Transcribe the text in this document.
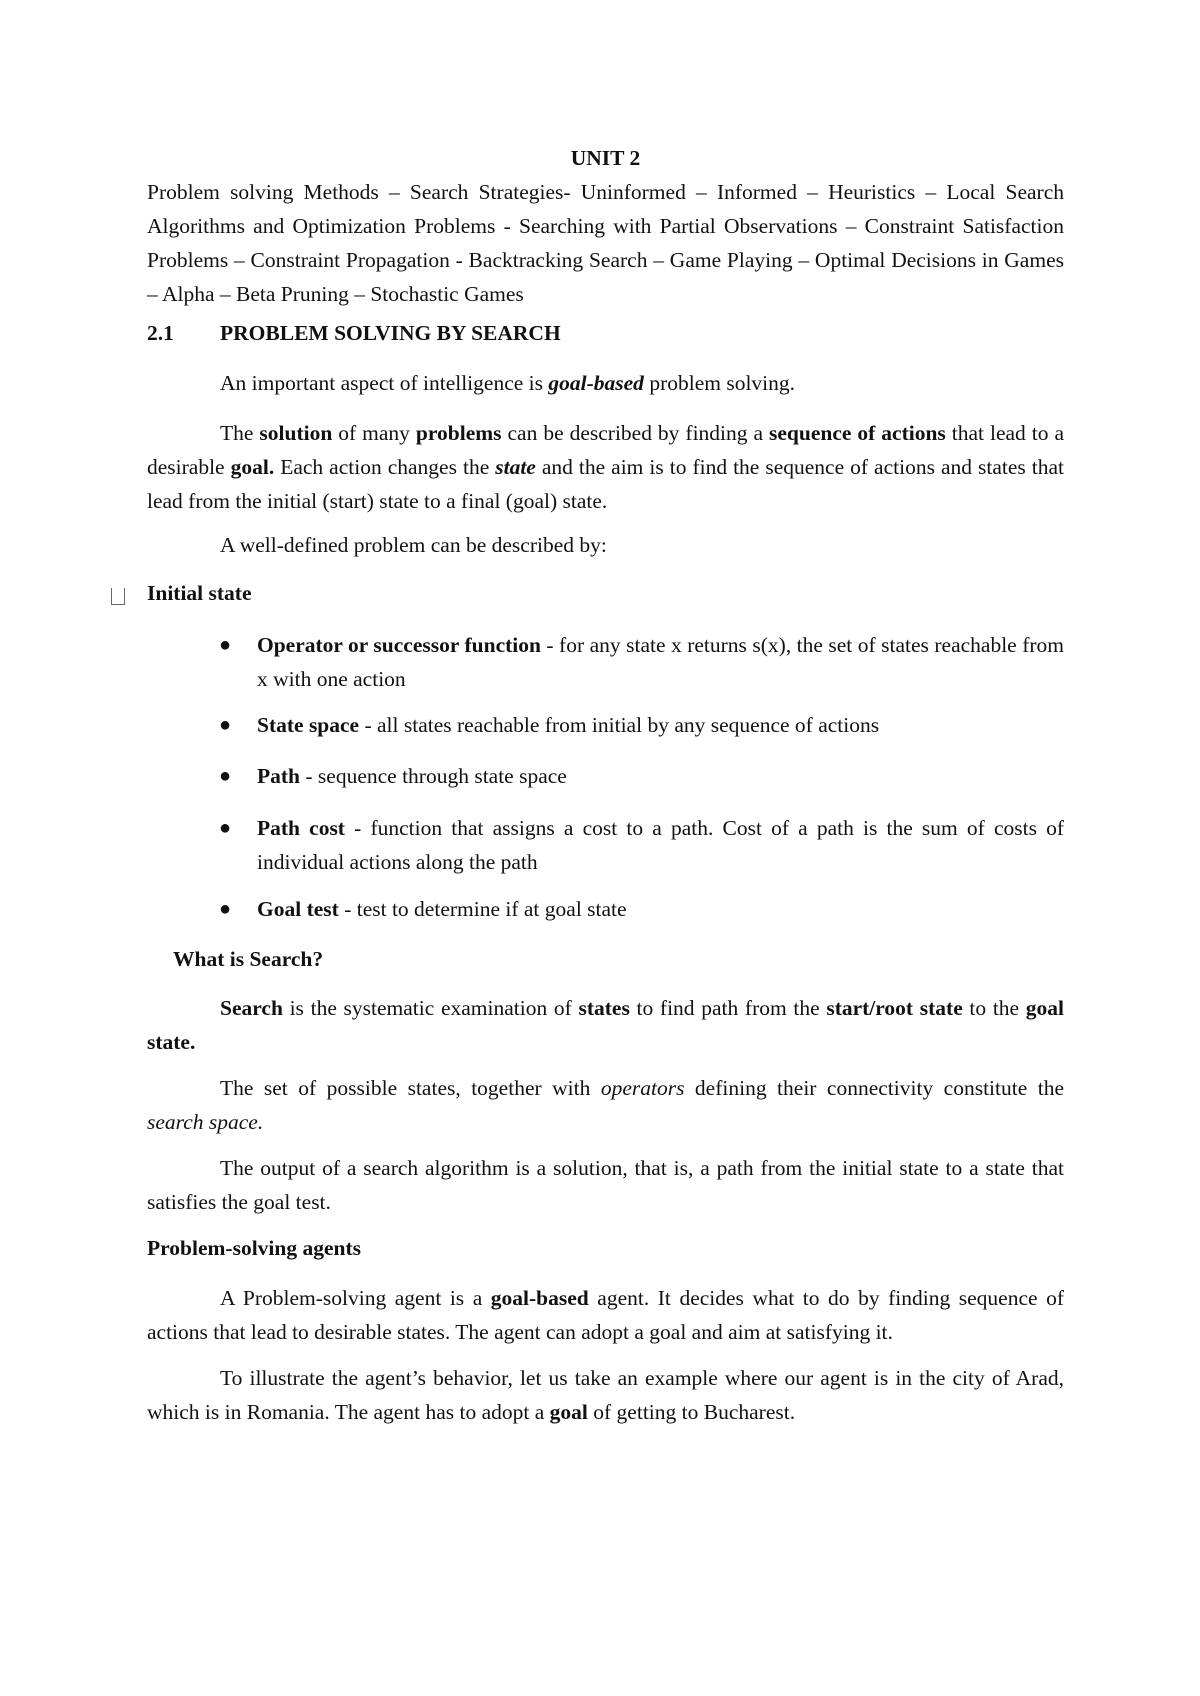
UNIT 2

Problem solving Methods – Search Strategies- Uninformed – Informed – Heuristics – Local Search Algorithms and Optimization Problems - Searching with Partial Observations – Constraint Satisfaction Problems – Constraint Propagation - Backtracking Search – Game Playing – Optimal Decisions in Games – Alpha – Beta Pruning – Stochastic Games

2.1 PROBLEM SOLVING BY SEARCH

An important aspect of intelligence is goal-based problem solving.

The solution of many problems can be described by finding a sequence of actions that lead to a desirable goal. Each action changes the state and the aim is to find the sequence of actions and states that lead from the initial (start) state to a final (goal) state.

A well-defined problem can be described by:

Initial state

● Operator or successor function - for any state x returns s(x), the set of states reachable from x with one action

● State space - all states reachable from initial by any sequence of actions

● Path - sequence through state space

● Path cost - function that assigns a cost to a path. Cost of a path is the sum of costs of individual actions along the path

● Goal test - test to determine if at goal state

What is Search?

Search is the systematic examination of states to find path from the start/root state to the goal state.

The set of possible states, together with operators defining their connectivity constitute the search space.

The output of a search algorithm is a solution, that is, a path from the initial state to a state that satisfies the goal test.

Problem-solving agents

A Problem-solving agent is a goal-based agent. It decides what to do by finding sequence of actions that lead to desirable states. The agent can adopt a goal and aim at satisfying it.

To illustrate the agent’s behavior, let us take an example where our agent is in the city of Arad, which is in Romania. The agent has to adopt a goal of getting to Bucharest.
